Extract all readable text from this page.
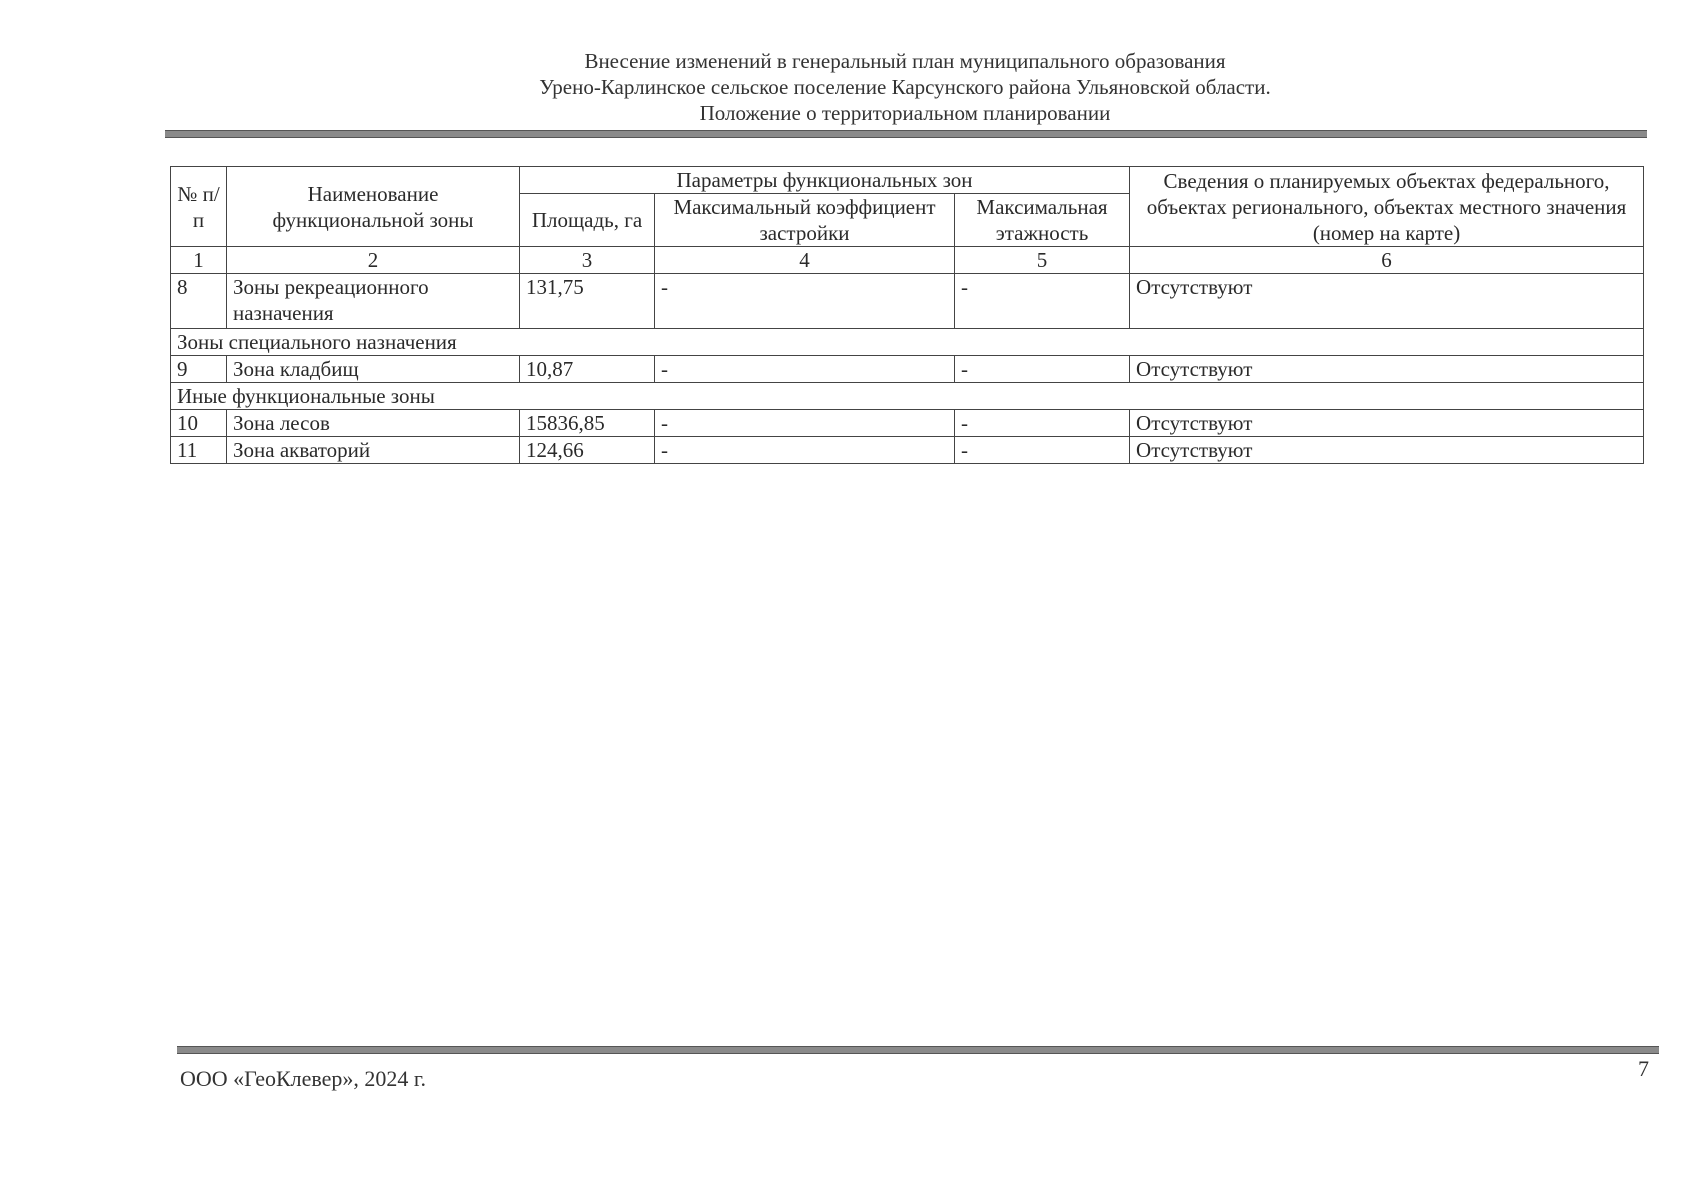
Внесение изменений в генеральный план муниципального образования
Урено-Карлинское сельское поселение Карсунского района Ульяновской области.
Положение о территориальном планировании
№ п/п	Наименование функциональной зоны	Параметры функциональных зон			Сведения о планируемых объектах федерального, объектах регионального, объектах местного значения (номер на карте)
		Площадь, га	Максимальный коэффициент застройки	Максимальная этажность	
1	2	3	4	5	6
8	Зоны рекреационного назначения	131,75	-	-	Отсутствуют
Зоны специального назначения					
9	Зона кладбищ	10,87	-	-	Отсутствуют
Иные функциональные зоны					
10	Зона лесов	15836,85	-	-	Отсутствуют
11	Зона акваторий	124,66	-	-	Отсутствуют
ООО «ГеоКлевер», 2024 г.	7
